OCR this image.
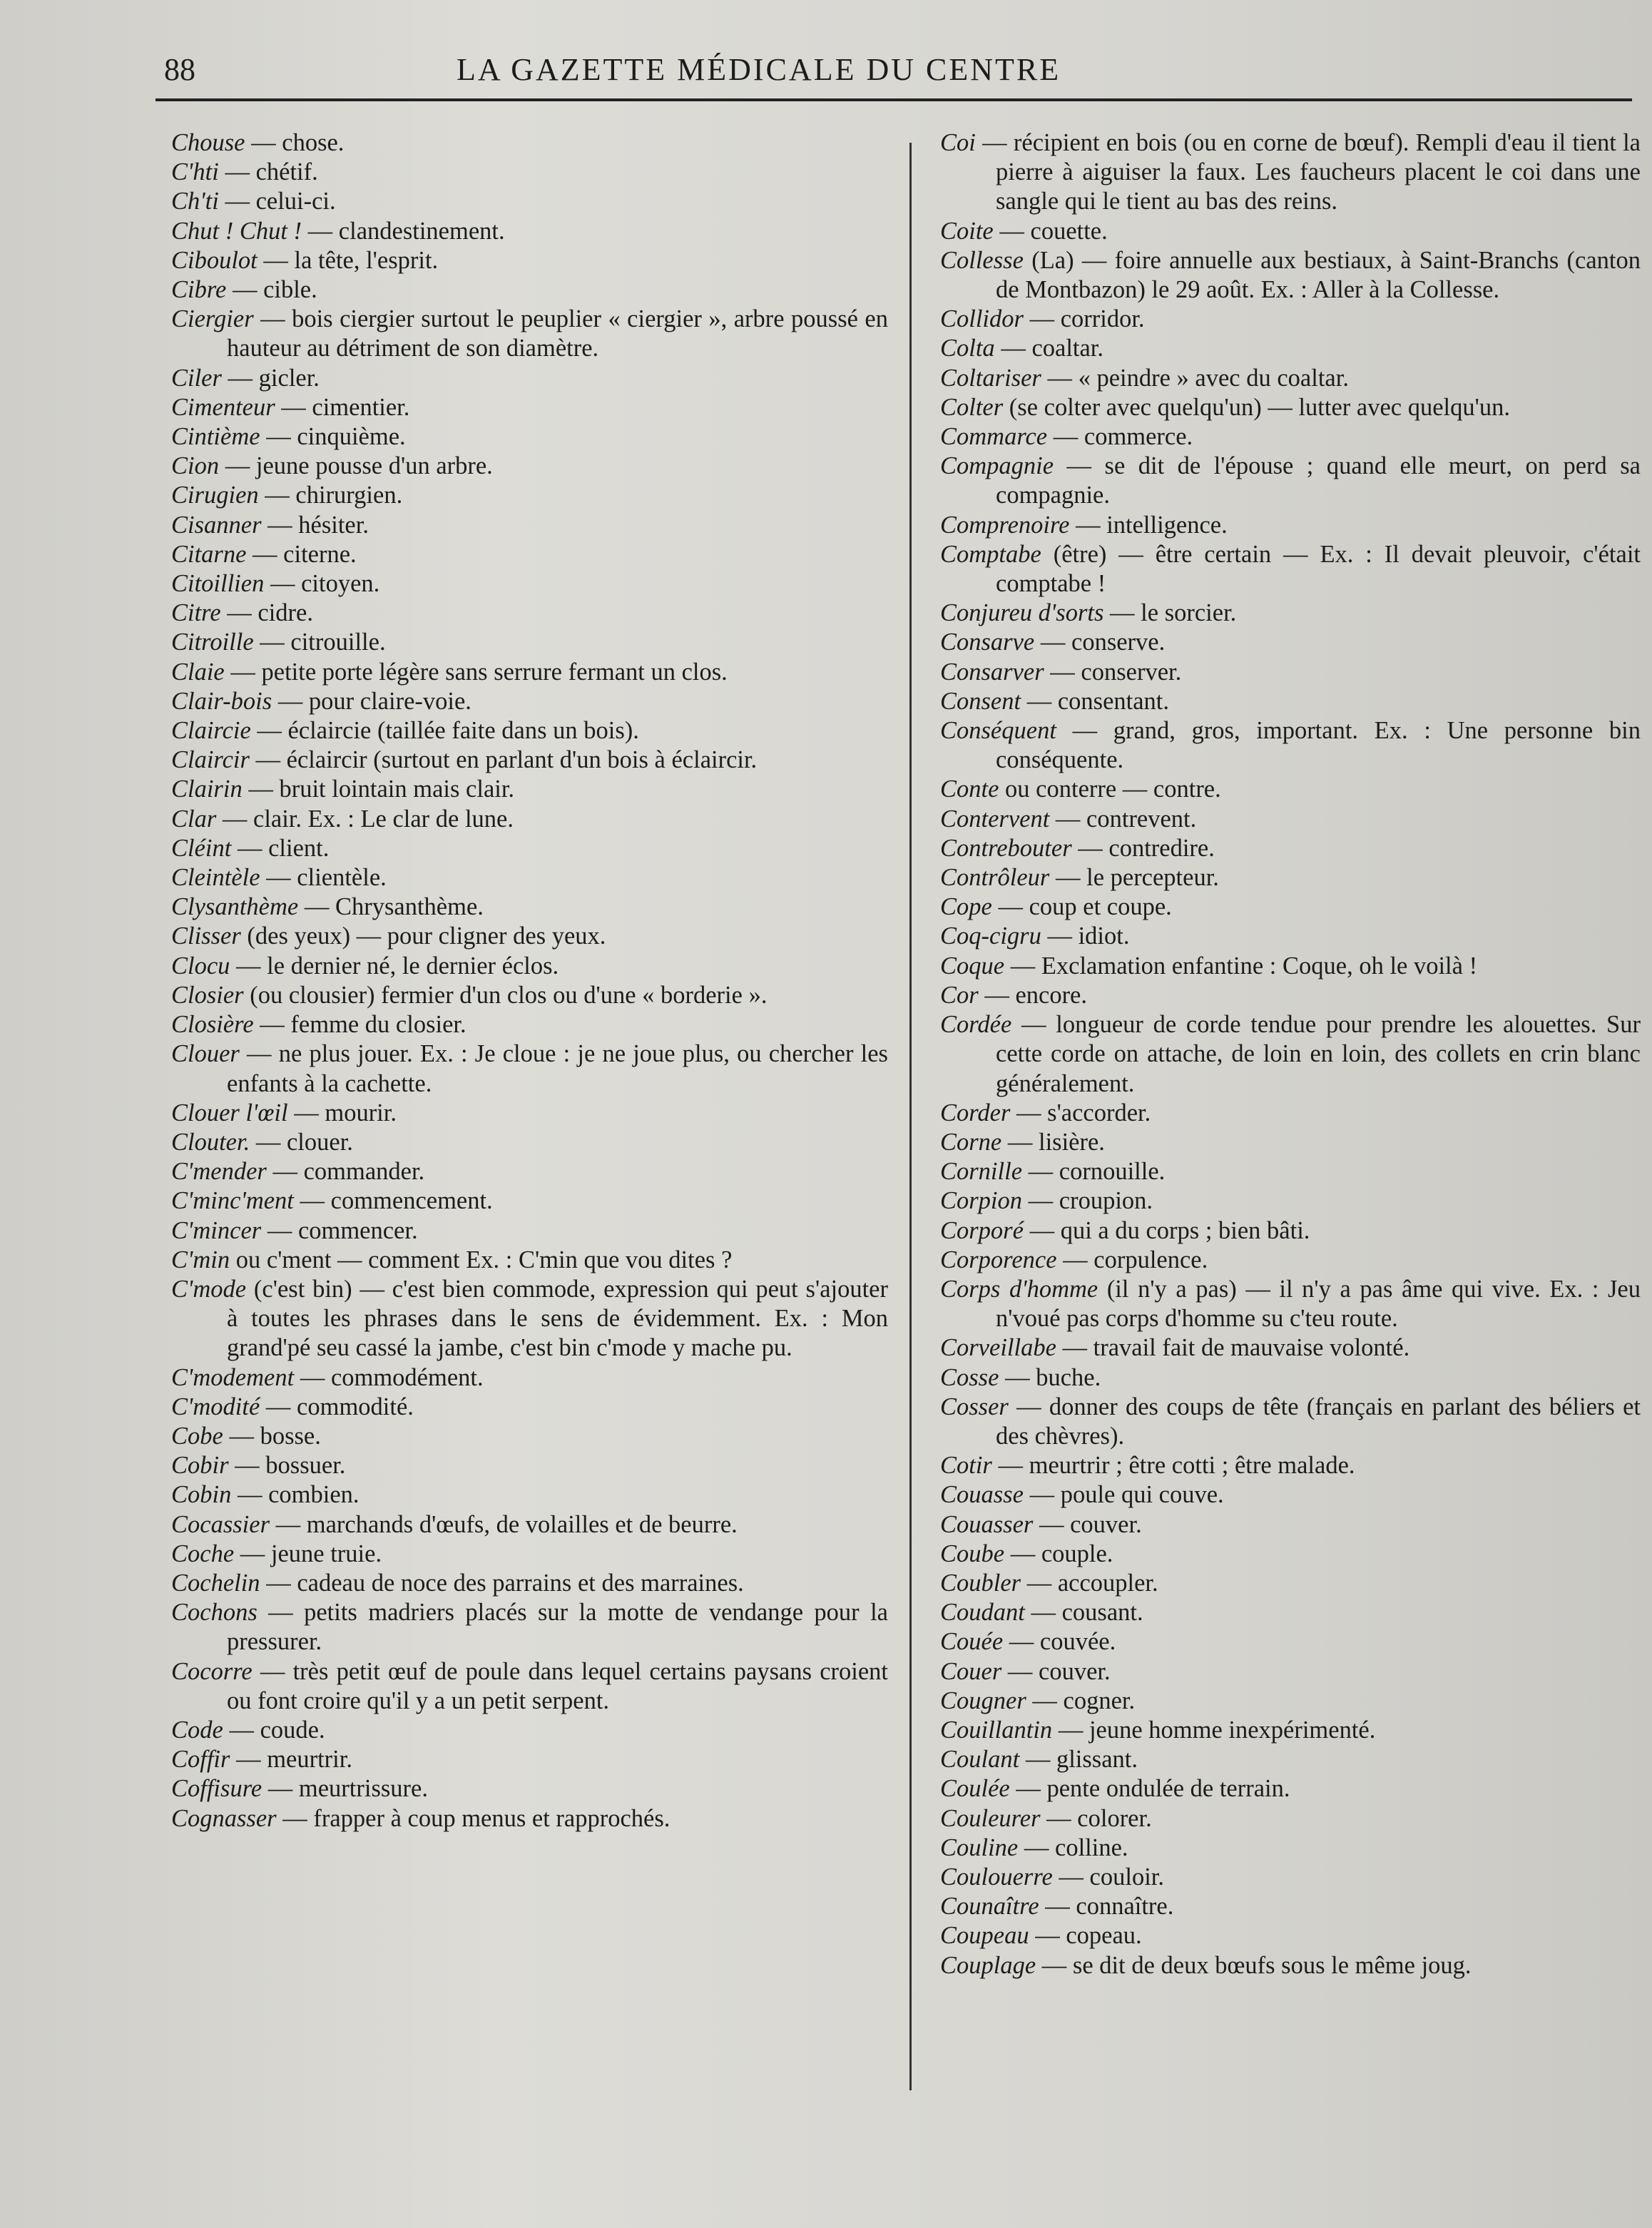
88	LA GAZETTE MÉDICALE DU CENTRE
Chouse — chose.
C'hti — chétif.
Ch'ti — celui-ci.
Chut ! Chut ! — clandestinement.
Ciboulot — la tête, l'esprit.
Cibre — cible.
Ciergier — bois ciergier surtout le peuplier « ciergier », arbre poussé en hauteur au détriment de son diamètre.
Ciler — gicler.
Cimenteur — cimentier.
Cintième — cinquième.
Cion — jeune pousse d'un arbre.
Cirugien — chirurgien.
Cisanner — hésiter.
Citarne — citerne.
Citoillien — citoyen.
Citre — cidre.
Citroille — citrouille.
Claie — petite porte légère sans serrure fermant un clos.
Clair-bois — pour claire-voie.
Claircie — éclaircie (taillée faite dans un bois).
Claircir — éclaircir (surtout en parlant d'un bois à éclaircir.
Clairin — bruit lointain mais clair.
Clar — clair. Ex. : Le clar de lune.
Cléint — client.
Cleintèle — clientèle.
Clysanthème — Chrysanthème.
Clisser (des yeux) — pour cligner des yeux.
Clocu — le dernier né, le dernier éclos.
Closier (ou clousier) fermier d'un clos ou d'une « borderie ».
Closière — femme du closier.
Clouer — ne plus jouer. Ex. : Je cloue : je ne joue plus, ou chercher les enfants à la cachette.
Clouer l'œil — mourir.
Clouter. — clouer.
C'mender — commander.
C'minc'ment — commencement.
C'mincer — commencer.
C'min ou c'ment — comment Ex. : C'min que vou dites ?
C'mode (c'est bin) — c'est bien commode, expression qui peut s'ajouter à toutes les phrases dans le sens de évidemment. Ex. : Mon grand'pé seu cassé la jambe, c'est bin c'mode y mache pu.
C'modement — commodément.
C'modité — commodité.
Cobe — bosse.
Cobir — bossuer.
Cobin — combien.
Cocassier — marchands d'œufs, de volailles et de beurre.
Coche — jeune truie.
Cochelin — cadeau de noce des parrains et des marraines.
Cochons — petits madriers placés sur la motte de vendange pour la pressurer.
Cocorre — très petit œuf de poule dans lequel certains paysans croient ou font croire qu'il y a un petit serpent.
Code — coude.
Coffir — meurtrir.
Coffisure — meurtrissure.
Cognasser — frapper à coup menus et rapprochés.
Coi — récipient en bois (ou en corne de bœuf). Rempli d'eau il tient la pierre à aiguiser la faux. Les faucheurs placent le coi dans une sangle qui le tient au bas des reins.
Coite — couette.
Collesse (La) — foire annuelle aux bestiaux, à Saint-Branchs (canton de Montbazon) le 29 août. Ex. : Aller à la Collesse.
Collidor — corridor.
Colta — coaltar.
Coltariser — « peindre » avec du coaltar.
Colter (se colter avec quelqu'un) — lutter avec quelqu'un.
Commarce — commerce.
Compagnie — se dit de l'épouse ; quand elle meurt, on perd sa compagnie.
Comprenoire — intelligence.
Comptabe (être) — être certain — Ex. : Il devait pleuvoir, c'était comptabe !
Conjureu d'sorts — le sorcier.
Consarve — conserve.
Consarver — conserver.
Consent — consentant.
Conséquent — grand, gros, important. Ex. : Une personne bin conséquente.
Conte ou conterre — contre.
Contervent — contrevent.
Contrebouter — contredire.
Contrôleur — le percepteur.
Cope — coup et coupe.
Coq-cigru — idiot.
Coque — Exclamation enfantine : Coque, oh le voilà !
Cor — encore.
Cordée — longueur de corde tendue pour prendre les alouettes. Sur cette corde on attache, de loin en loin, des collets en crin blanc généralement.
Corder — s'accorder.
Corne — lisière.
Cornille — cornouille.
Corpion — croupion.
Corporé — qui a du corps ; bien bâti.
Corporence — corpulence.
Corps d'homme (il n'y a pas) — il n'y a pas âme qui vive. Ex. : Jeu n'voué pas corps d'homme su c'teu route.
Corveillabe — travail fait de mauvaise volonté.
Cosse — buche.
Cosser — donner des coups de tête (français en parlant des béliers et des chèvres).
Cotir — meurtrir ; être cotti ; être malade.
Couasse — poule qui couve.
Couasser — couver.
Coube — couple.
Coubler — accoupler.
Coudant — cousant.
Couée — couvée.
Couer — couver.
Cougner — cogner.
Couillantin — jeune homme inexpérimenté.
Coulant — glissant.
Coulée — pente ondulée de terrain.
Couleurer — colorer.
Couline — colline.
Coulouerre — couloir.
Counaître — connaître.
Coupeau — copeau.
Couplage — se dit de deux bœufs sous le même joug.
